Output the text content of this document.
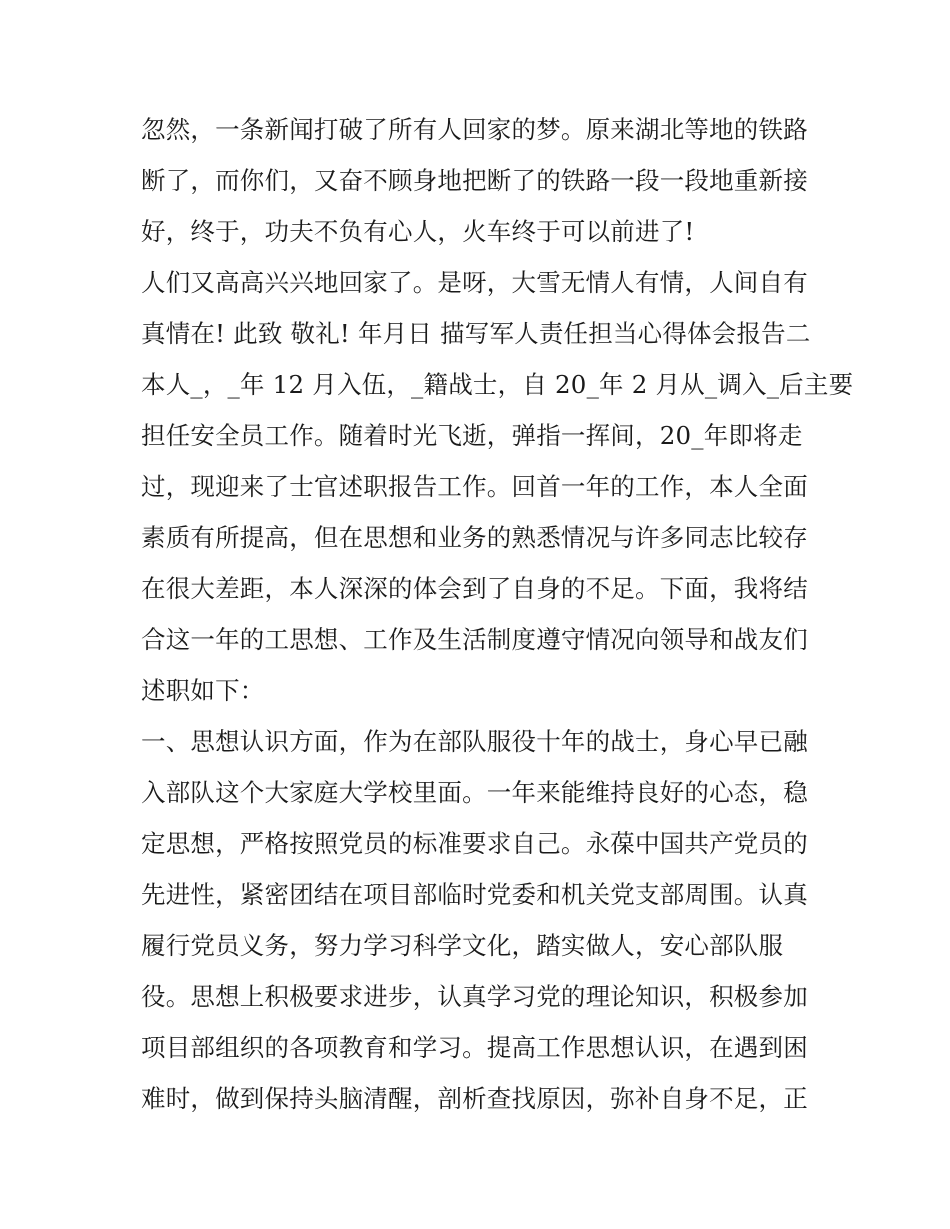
忽然，一条新闻打破了所有人回家的梦。原来湖北等地的铁路
断了，而你们，又奋不顾身地把断了的铁路一段一段地重新接
好，终于，功夫不负有心人，火车终于可以前进了!
人们又高高兴兴地回家了。是呀，大雪无情人有情，人间自有
真情在! 此致 敬礼! 年月日 描写军人责任担当心得体会报告二
本人_，_年 12 月入伍，_籍战士，自 20_年 2 月从_调入_后主要
担任安全员工作。随着时光飞逝，弹指一挥间，20_年即将走
过，现迎来了士官述职报告工作。回首一年的工作，本人全面
素质有所提高，但在思想和业务的熟悉情况与许多同志比较存
在很大差距，本人深深的体会到了自身的不足。下面，我将结
合这一年的工思想、工作及生活制度遵守情况向领导和战友们
述职如下：
一、思想认识方面，作为在部队服役十年的战士，身心早已融
入部队这个大家庭大学校里面。一年来能维持良好的心态，稳
定思想，严格按照党员的标准要求自己。永葆中国共产党员的
先进性，紧密团结在项目部临时党委和机关党支部周围。认真
履行党员义务，努力学习科学文化，踏实做人，安心部队服
役。思想上积极要求进步，认真学习党的理论知识，积极参加
项目部组织的各项教育和学习。提高工作思想认识，在遇到困
难时，做到保持头脑清醒，剖析查找原因，弥补自身不足，正
